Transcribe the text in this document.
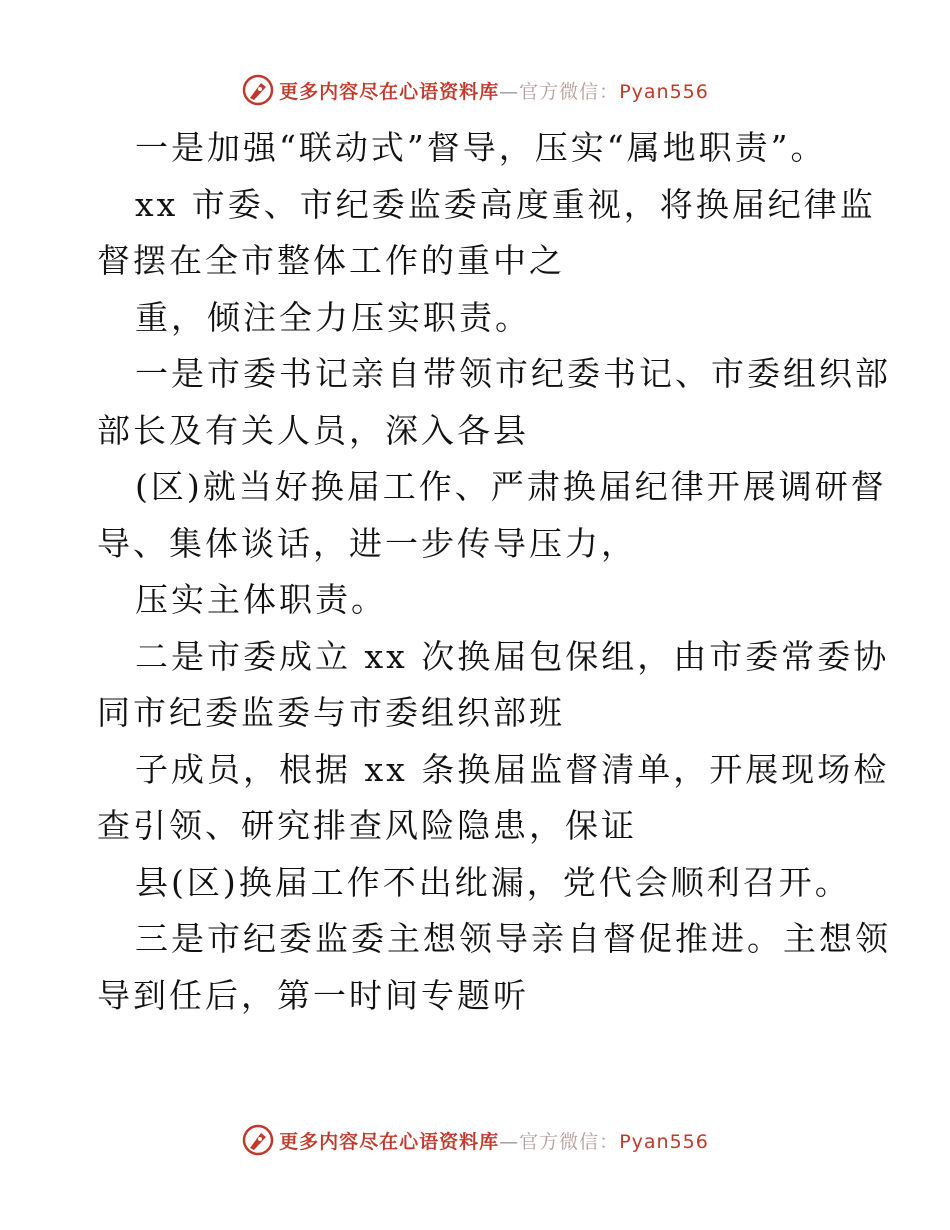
更多内容尽在心语资料库—官方微信：Pyan556
一是加强“联动式”督导，压实“属地职责”。
xx 市委、市纪委监委高度重视，将换届纪律监
督摆在全市整体工作的重中之
重，倾注全力压实职责。
一是市委书记亲自带领市纪委书记、市委组织部
部长及有关人员，深入各县
(区)就当好换届工作、严肃换届纪律开展调研督
导、集体谈话，进一步传导压力，
压实主体职责。
二是市委成立 xx 次换届包保组，由市委常委协
同市纪委监委与市委组织部班
子成员，根据 xx 条换届监督清单，开展现场检
查引领、研究排查风险隐患，保证
县(区)换届工作不出纰漏，党代会顺利召开。
三是市纪委监委主想领导亲自督促推进。主想领
导到任后，第一时间专题听
更多内容尽在心语资料库—官方微信：Pyan556
